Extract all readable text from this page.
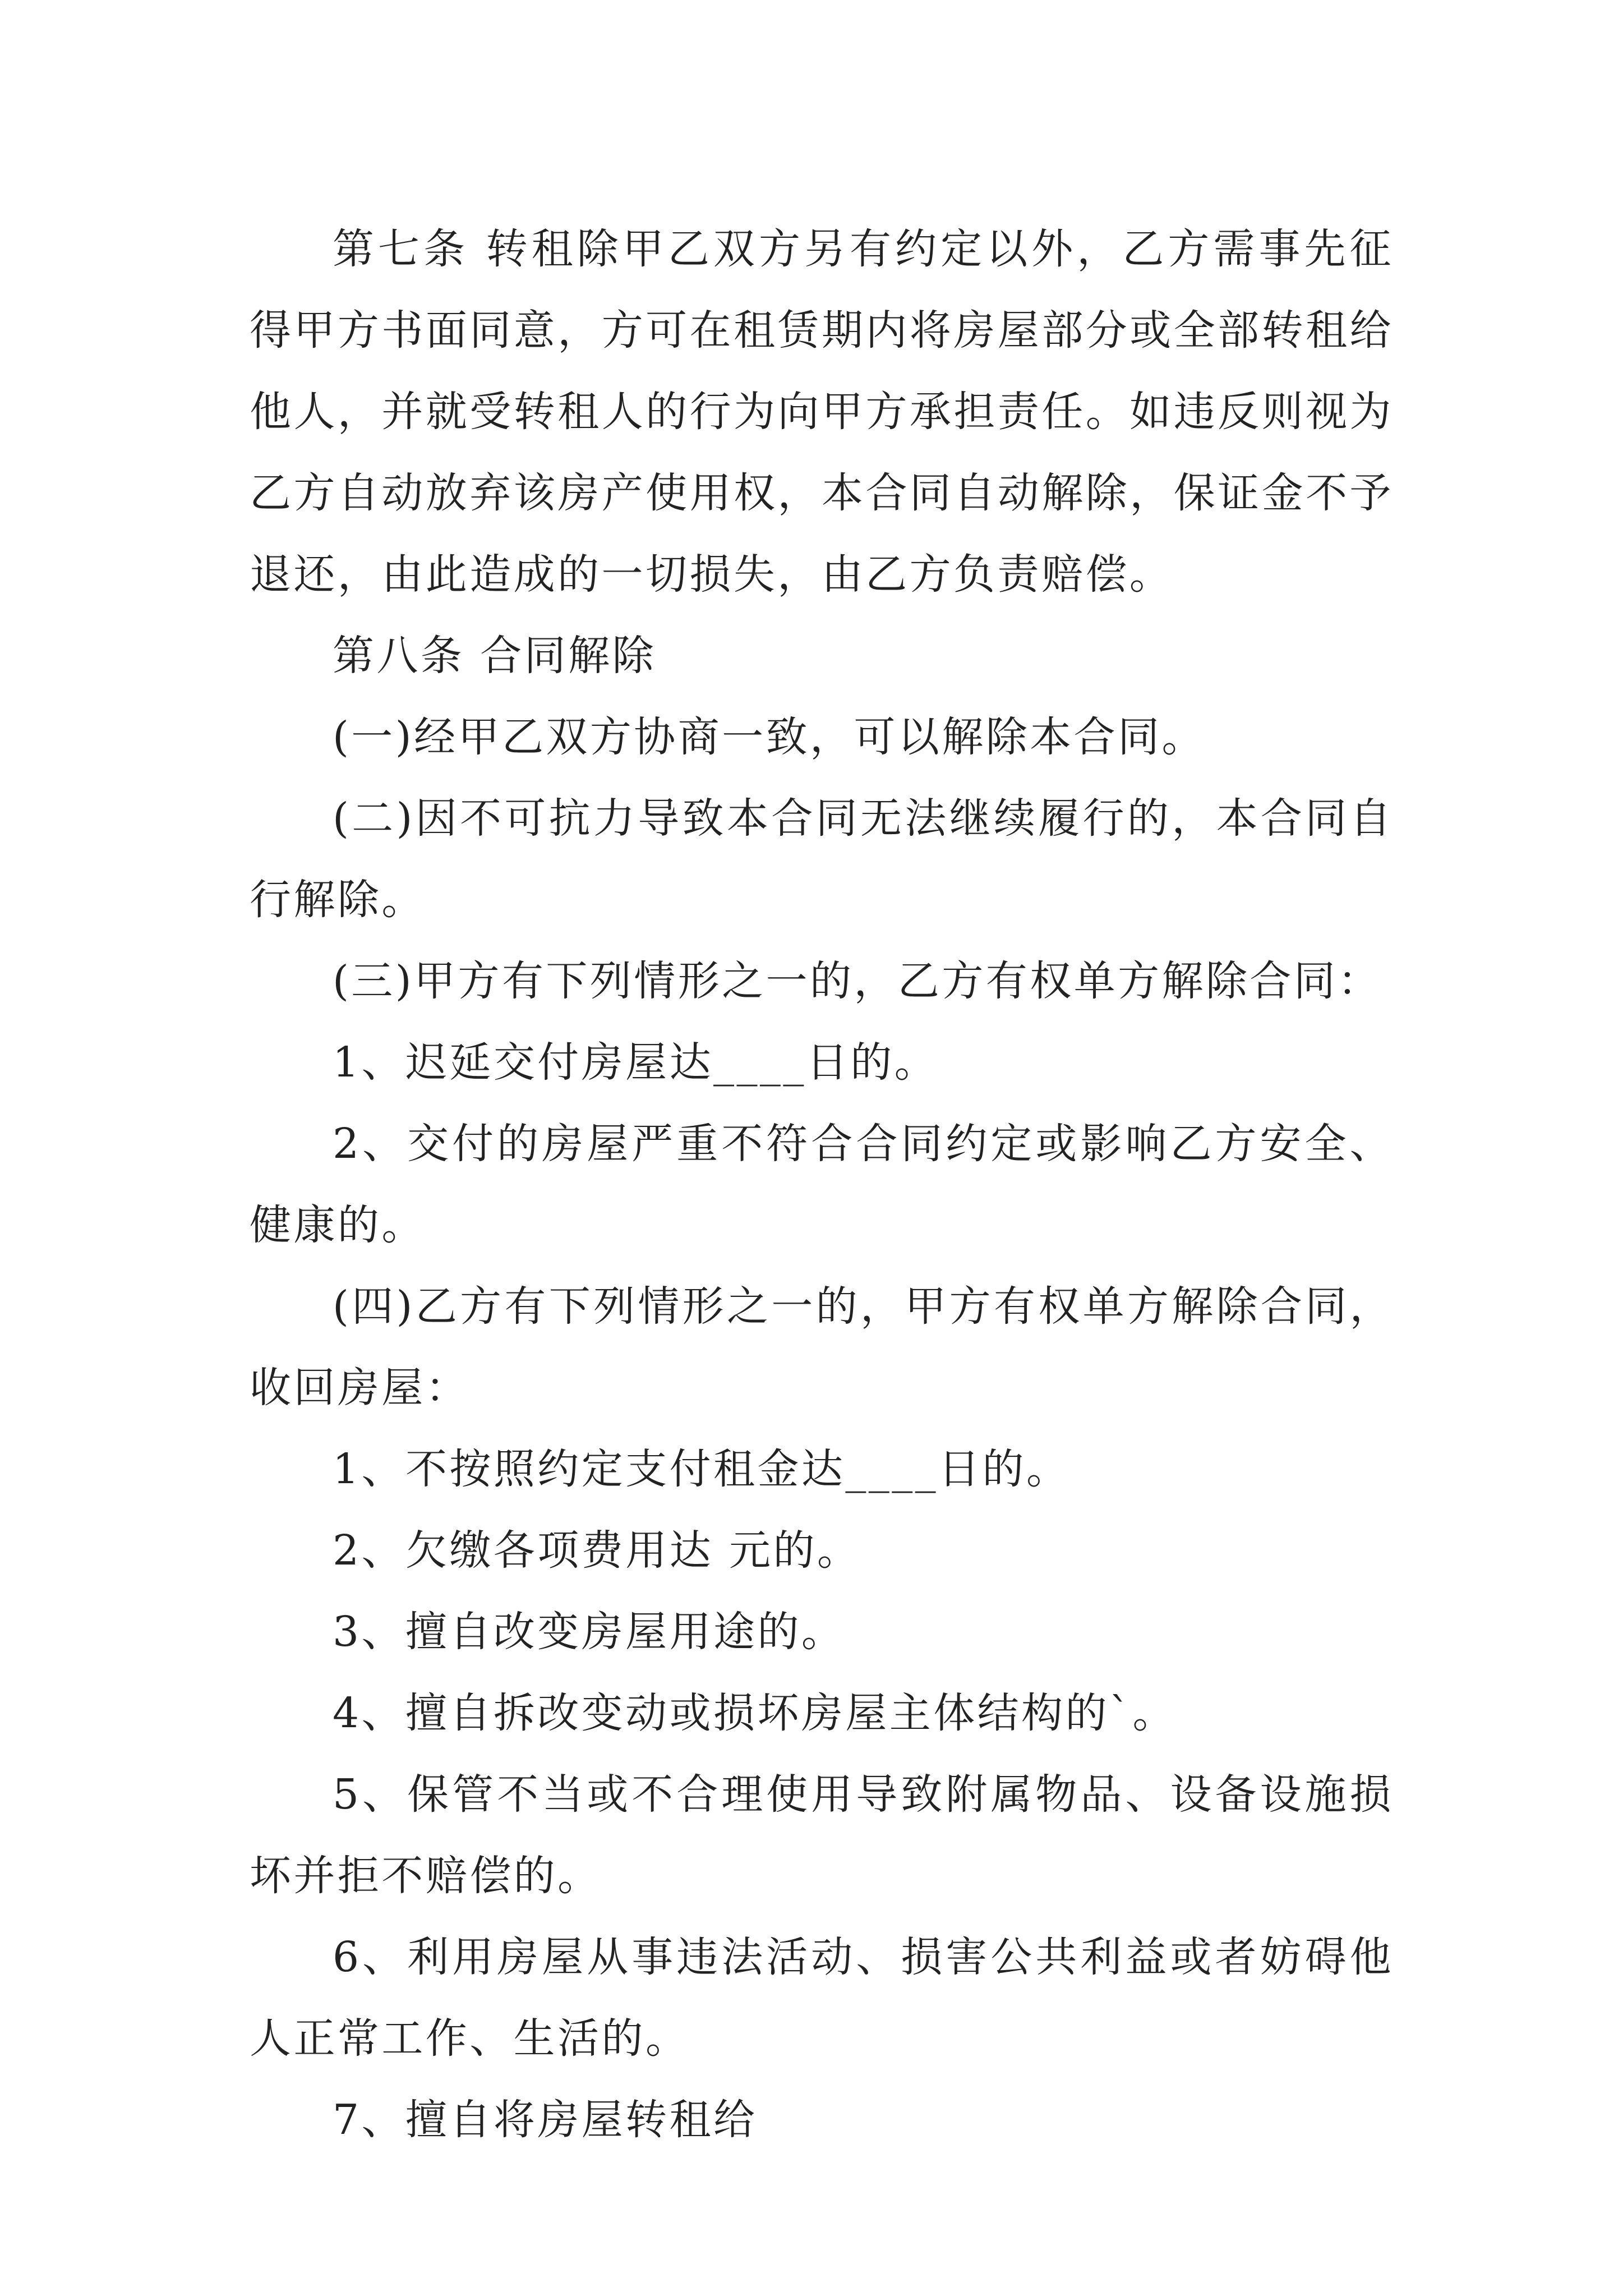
第七条 转租除甲乙双方另有约定以外，乙方需事先征得甲方书面同意，方可在租赁期内将房屋部分或全部转租给他人，并就受转租人的行为向甲方承担责任。如违反则视为乙方自动放弃该房产使用权，本合同自动解除，保证金不予退还，由此造成的一切损失，由乙方负责赔偿。

第八条 合同解除

(一)经甲乙双方协商一致，可以解除本合同。

(二)因不可抗力导致本合同无法继续履行的，本合同自行解除。

(三)甲方有下列情形之一的，乙方有权单方解除合同：

1、迟延交付房屋达____日的。

2、交付的房屋严重不符合合同约定或影响乙方安全、健康的。

(四)乙方有下列情形之一的，甲方有权单方解除合同，收回房屋：

1、不按照约定支付租金达____日的。

2、欠缴各项费用达 元的。

3、擅自改变房屋用途的。

4、擅自拆改变动或损坏房屋主体结构的`。

5、保管不当或不合理使用导致附属物品、设备设施损坏并拒不赔偿的。

6、利用房屋从事违法活动、损害公共利益或者妨碍他人正常工作、生活的。

7、擅自将房屋转租给
